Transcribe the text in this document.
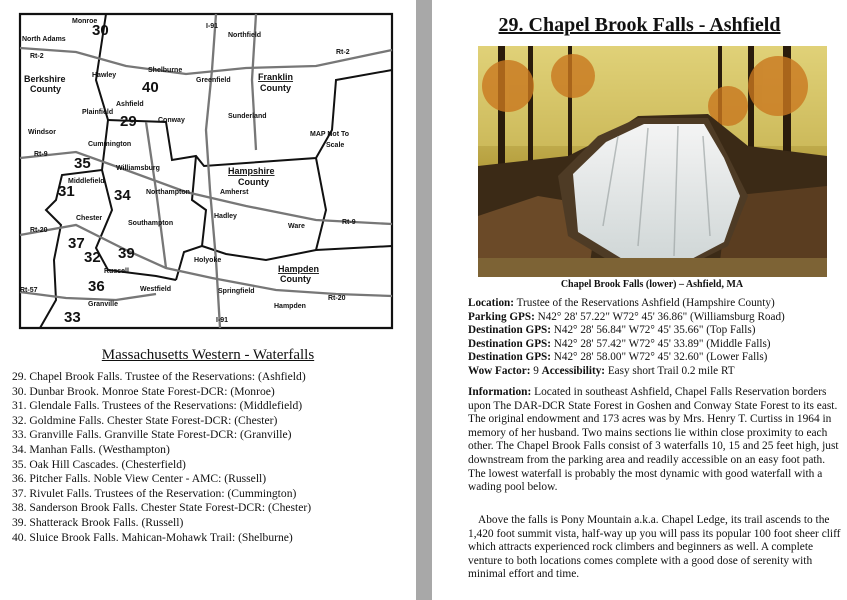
Monroe
North Adams
I-91
Northfield
Rt-2
Rt-2
Hawley
Shelburne
Greenfield	Franklin
County
Berkshire
County
Ashfield
Plainfield
Conway
Sunderland
Windsor
Cummington
Rt-9
MAP Not To
Scale
Williamsburg	Hampshire
County
Middlefield
Northampton	Amherst
Chester
Southampton
Hadley
Rt-9
Rt-20
Ware
Holyoke
Russell	Hampden
County
Rt-57	Westfield	Springfield
Granville	Hampden
Rt-20
I-91
30
40
29
35
31	34
37
32 39
36
33
Massachusetts Western - Waterfalls
29. Chapel Brook Falls. Trustee of the Reservations: (Ashfield)
30. Dunbar Brook. Monroe State Forest-DCR: (Monroe)
31. Glendale Falls. Trustees of the Reservations: (Middlefield)
32. Goldmine Falls. Chester State Forest-DCR: (Chester)
33. Granville Falls. Granville State Forest-DCR: (Granville)
34. Manhan Falls. (Westhampton)
35. Oak Hill Cascades. (Chesterfield)
36. Pitcher Falls. Noble View Center - AMC: (Russell)
37. Rivulet Falls. Trustees of the Reservation: (Cummington)
38. Sanderson Brook Falls. Chester State Forest-DCR: (Chester)
39. Shatterack Brook Falls. (Russell)
40. Sluice Brook Falls. Mahican-Mohawk Trail: (Shelburne)
29. Chapel Brook Falls - Ashfield
Chapel Brook Falls (lower) – Ashfield, MA
Location: Trustee of the Reservations Ashfield (Hampshire County)
Parking GPS: N42° 28' 57.22" W72° 45' 36.86" (Williamsburg Road)
Destination GPS: N42° 28' 56.84" W72° 45' 35.66" (Top Falls)
Destination GPS: N42° 28' 57.42" W72° 45' 33.89" (Middle Falls)
Destination GPS: N42° 28' 58.00" W72° 45' 32.60" (Lower Falls)
Wow Factor: 9 Accessibility: Easy short Trail 0.2 mile RT

Information: Located in southeast Ashfield, Chapel Falls Reservation borders upon The DAR-DCR State Forest in Goshen and Conway State Forest to its east. The original endowment and 173 acres was by Mrs. Henry T. Curtiss in 1964 in memory of her husband. Two mains sections lie within close proximity to each other. The Chapel Brook Falls consist of 3 waterfalls 10, 15 and 25 feet high, just downstream from the parking area and readily accessible on an easy foot path. The lowest waterfall is probably the most dynamic with good waterfall with a wading pool below.

Above the falls is Pony Mountain a.k.a. Chapel Ledge, its trail ascends to the 1,420 foot summit vista, half-way up you will pass its popular 100 foot sheer cliff which attracts experienced rock climbers and beginners as well. A complete venture to both locations comes complete with a good dose of serenity with minimal effort and time.
